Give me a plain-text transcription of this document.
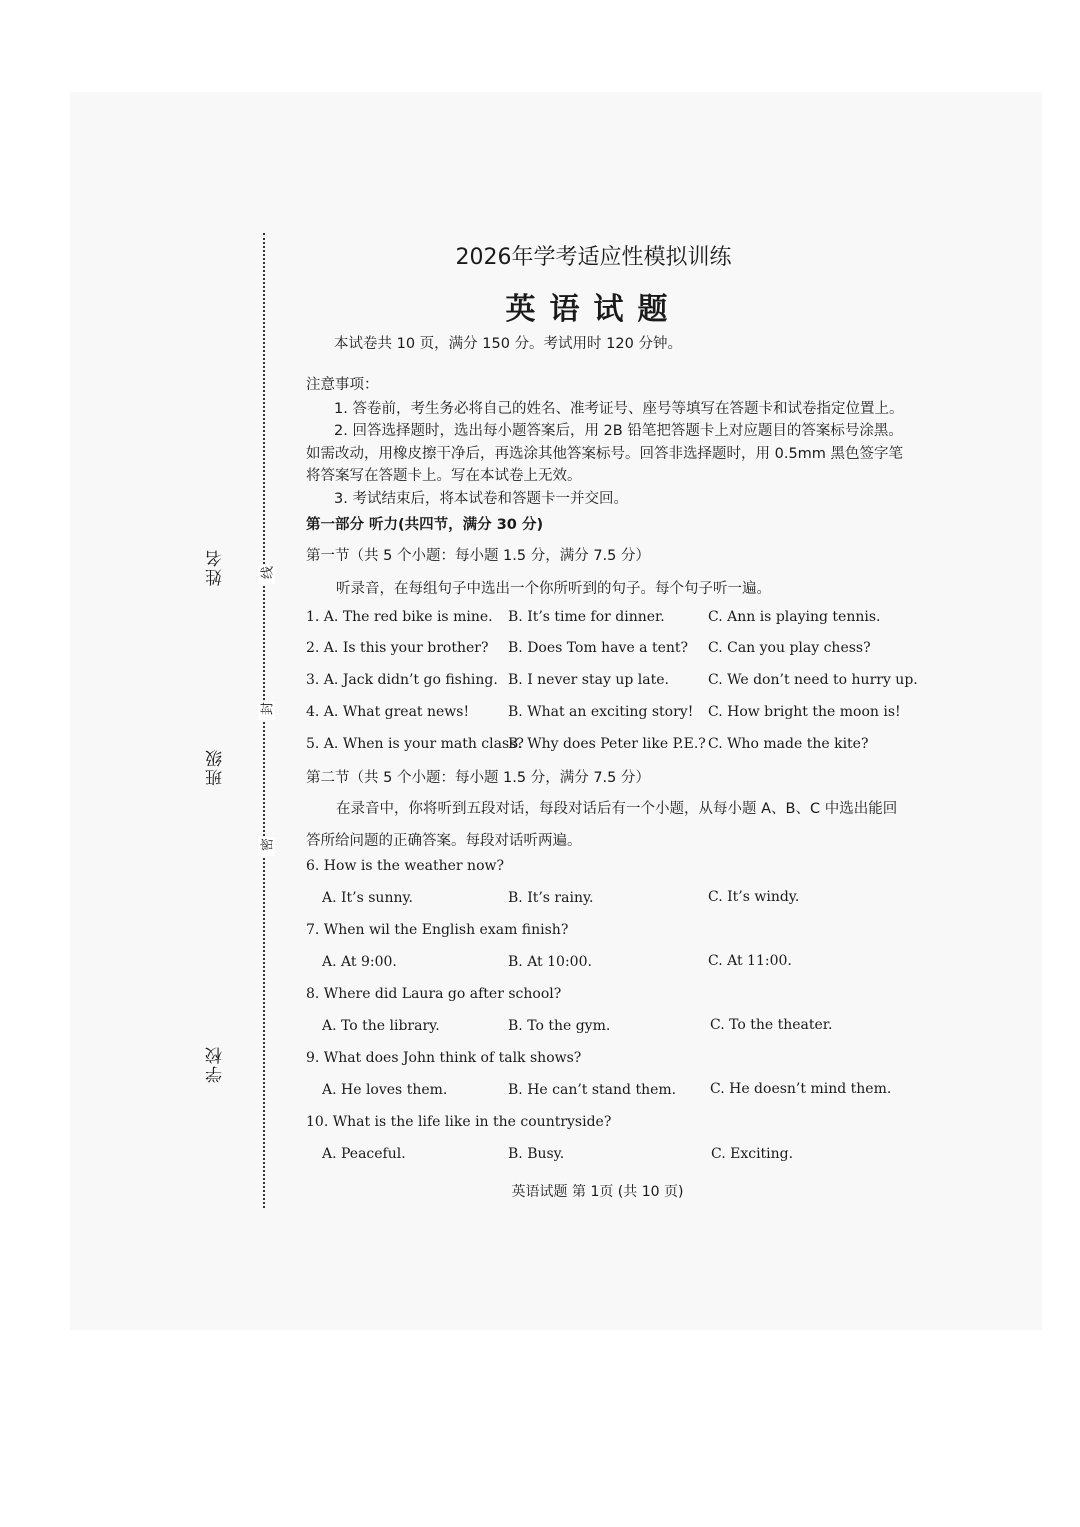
姓名
班级
学校
线
封
密
2026年学考适应性模拟训练
英语试题
本试卷共 10 页，满分 150 分。考试用时 120 分钟。
注意事项：
1. 答卷前，考生务必将自己的姓名、准考证号、座号等填写在答题卡和试卷指定位置上。
2. 回答选择题时，选出每小题答案后，用 2B 铅笔把答题卡上对应题目的答案标号涂黑。
如需改动，用橡皮擦干净后，再选涂其他答案标号。回答非选择题时，用 0.5mm 黑色签字笔
将答案写在答题卡上。写在本试卷上无效。
3. 考试结束后，将本试卷和答题卡一并交回。
第一部分 听力(共四节，满分 30 分)
第一节（共 5 个小题：每小题 1.5 分，满分 7.5 分）
听录音，在每组句子中选出一个你所听到的句子。每个句子听一遍。
1. A. The red bike is mine. B. It’s time for dinner.	C. Ann is playing tennis.
2. A. Is this your brother? B. Does Tom have a tent? C. Can you play chess?
3. A. Jack didn’t go fishing. B. I never stay up late.	C. We don’t need to hurry up.
4. A. What great news!	B. What an exciting story! C. How bright the moon is!
5. A. When is your math class?
B. Why does Peter like P.E.? C. Who made the kite?
第二节（共 5 个小题：每小题 1.5 分，满分 7.5 分）
在录音中，你将听到五段对话，每段对话后有一个小题，从每小题 A、B、C 中选出能回
答所给问题的正确答案。每段对话听两遍。
6. How is the weather now?
A. It’s sunny.	B. It’s rainy.	C. It’s windy.
7. When wil the English exam finish?
A. At 9:00.	B. At 10:00.	C. At 11:00.
8. Where did Laura go after school?
A. To the library.	B. To the gym.	C. To the theater.
9. What does John think of talk shows?
A. He loves them.	B. He can’t stand them. C. He doesn’t mind them.
10. What is the life like in the countryside?
A. Peaceful.	B. Busy.	C. Exciting.
英语试题 第 1页 (共 10 页)
